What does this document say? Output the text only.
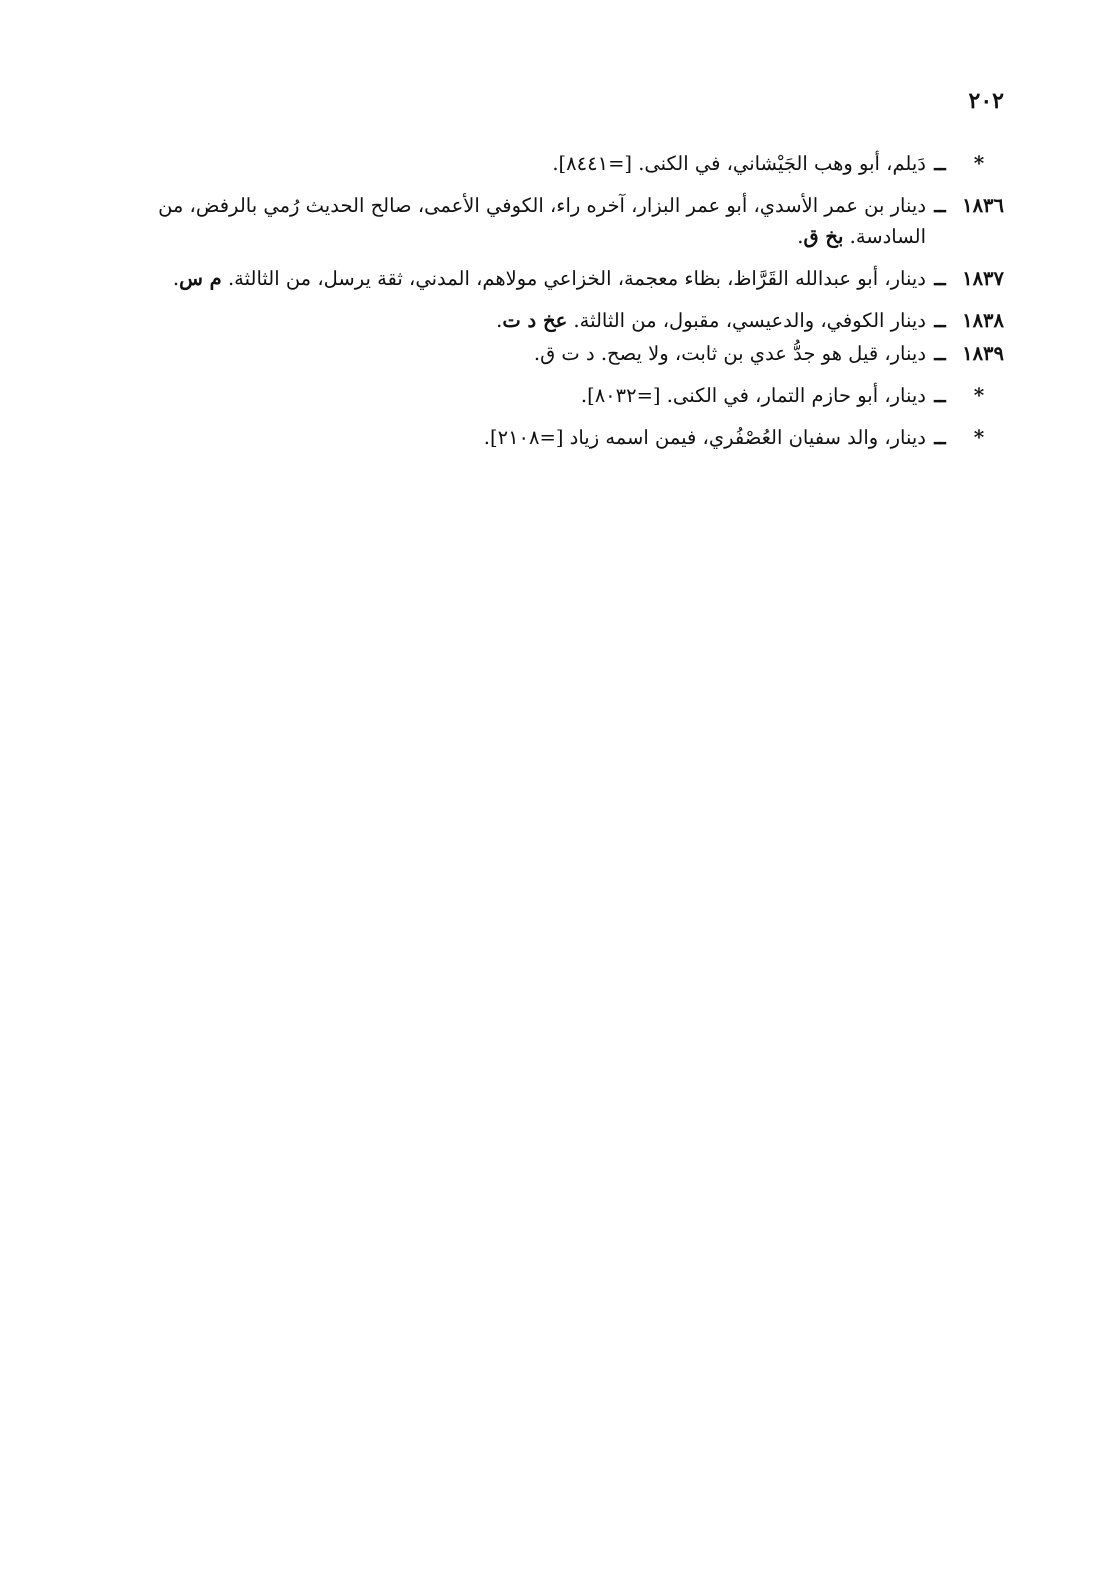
٢٠٢
*
ــ
دَيلم، أبو وهب الجَيْشاني، في الكنى. [=٨٤٤١].
١٨٣٦
ــ
دينار بن عمر الأسدي، أبو عمر البزار، آخره راء، الكوفي الأعمى، صالح الحديث رُمي بالرفض، من
السادسة. بخ ق.
١٨٣٧
ــ
دينار، أبو عبدالله القَرَّاظ، بظاء معجمة، الخزاعي مولاهم، المدني، ثقة يرسل، من الثالثة. م س.
١٨٣٨
ــ
دينار الكوفي، والدعيسي، مقبول، من الثالثة. عخ د ت.
١٨٣٩
ــ
دينار، قيل هو جدُّ عدي بن ثابت، ولا يصح. د ت ق.
*
ــ
دينار، أبو حازم التمار، في الكنى. [=٨٠٣٢].
*
ــ
دينار، والد سفيان العُصْفُري، فيمن اسمه زياد [=٢١٠٨].
